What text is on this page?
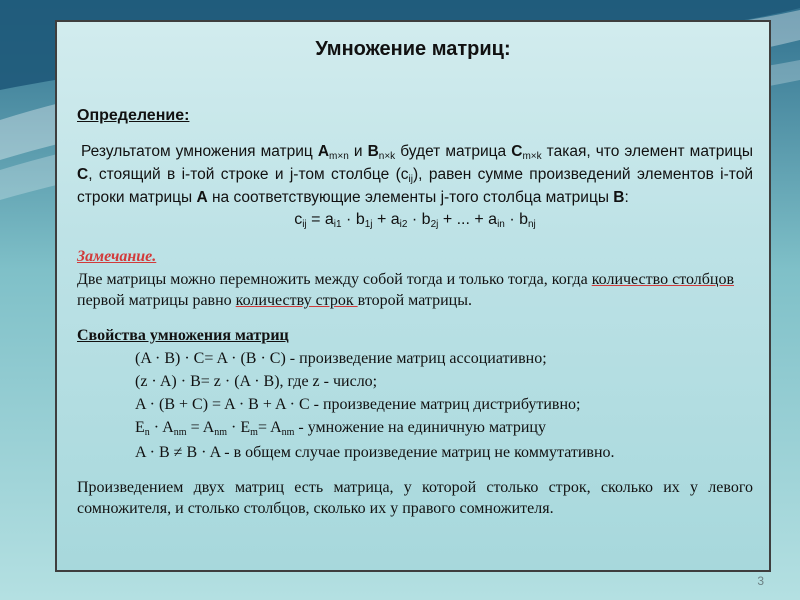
Умножение матриц:

Определение:

Результатом умножения матриц $A_{m\times n}$ и $B_{n\times k}$ будет матрица $C_{m\times k}$ такая, что элемент матрицы C, стоящий в i-той строке и j-том столбце $(c_{ij})$, равен сумме произведений элементов i-той строки матрицы A на соответствующие элементы j-того столбца матрицы B:

$c_{ij} = a_{i1} \cdot b_{1j} + a_{i2} \cdot b_{2j}$ + ... + $a_{in} \cdot b_{nj}$

Замечание.

Две матрицы можно перемножить между собой тогда и только тогда, когда количество столбцов первой матрицы равно количеству строк второй матрицы.

Свойства умножения матриц

(A · B) · C= A · (B · C) - произведение матриц ассоциативно;
(z · A) · B= z · (A · B), где z - число;
A · (B + C) = A · B + A · C - произведение матриц дистрибутивно;
$E_n \cdot A_{nm} = A_{nm} \cdot E_m= A_{nm}$ - умножение на единичную матрицу
A · B ≠ B · A - в общем случае произведение матриц не коммутативно.

Произведением двух матриц есть матрица, у которой столько строк, сколько их у левого сомножителя, и столько столбцов, сколько их у правого сомножителя.

3
